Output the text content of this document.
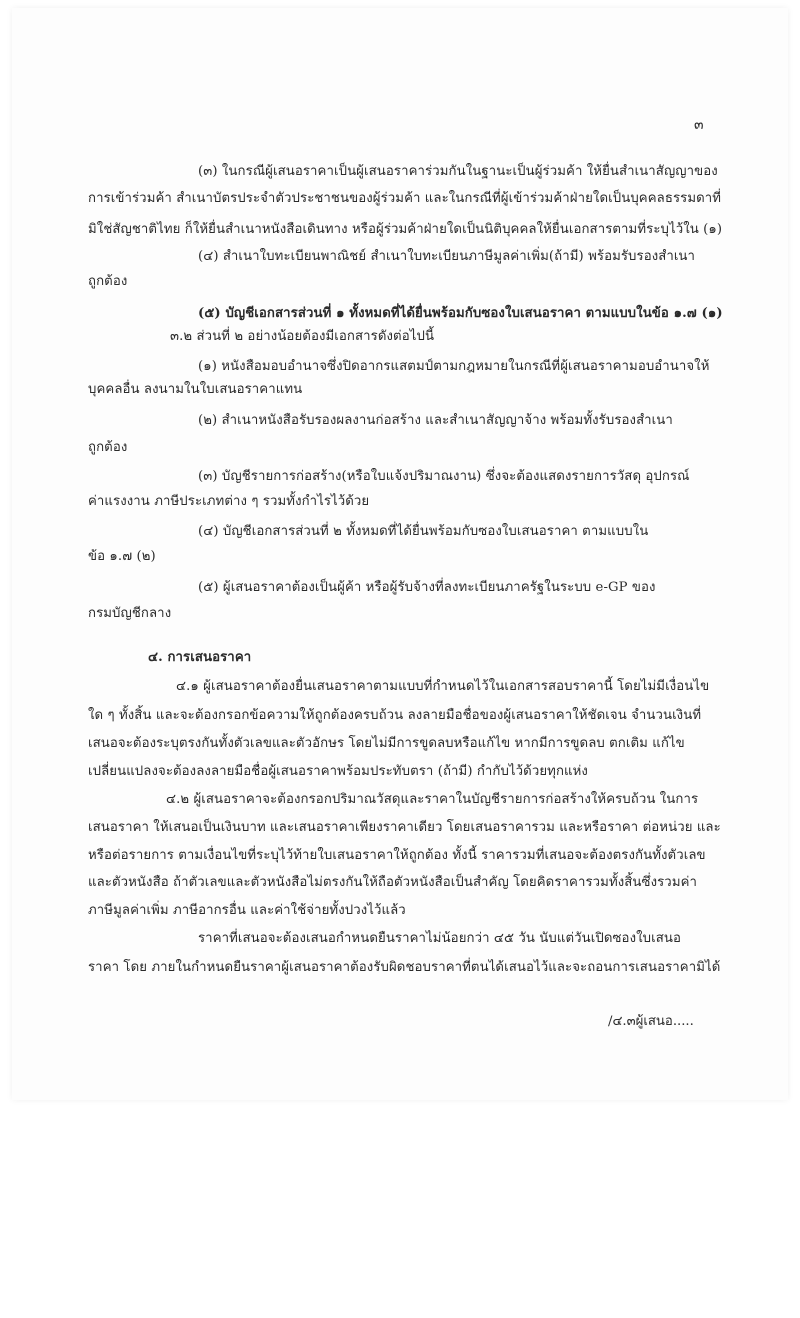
๓
(๓) ในกรณีผู้เสนอราคาเป็นผู้เสนอราคาร่วมกันในฐานะเป็นผู้ร่วมค้า ให้ยื่นสำเนาสัญญาของ
การเข้าร่วมค้า สำเนาบัตรประจำตัวประชาชนของผู้ร่วมค้า และในกรณีที่ผู้เข้าร่วมค้าฝ่ายใดเป็นบุคคลธรรมดาที่
มิใช่สัญชาติไทย ก็ให้ยื่นสำเนาหนังสือเดินทาง หรือผู้ร่วมค้าฝ่ายใดเป็นนิติบุคคลให้ยื่นเอกสารตามที่ระบุไว้ใน (๑)
(๔) สำเนาใบทะเบียนพาณิชย์ สำเนาใบทะเบียนภาษีมูลค่าเพิ่ม(ถ้ามี) พร้อมรับรองสำเนา
ถูกต้อง
(๕) บัญชีเอกสารส่วนที่ ๑ ทั้งหมดที่ได้ยื่นพร้อมกับซองใบเสนอราคา ตามแบบในข้อ ๑.๗ (๑)
๓.๒ ส่วนที่ ๒ อย่างน้อยต้องมีเอกสารดังต่อไปนี้
(๑) หนังสือมอบอำนาจซึ่งปิดอากรแสตมป์ตามกฎหมายในกรณีที่ผู้เสนอราคามอบอำนาจให้
บุคคลอื่น ลงนามในใบเสนอราคาแทน
(๒) สำเนาหนังสือรับรองผลงานก่อสร้าง และสำเนาสัญญาจ้าง พร้อมทั้งรับรองสำเนา
ถูกต้อง
(๓) บัญชีรายการก่อสร้าง(หรือใบแจ้งปริมาณงาน) ซึ่งจะต้องแสดงรายการวัสดุ อุปกรณ์
ค่าแรงงาน ภาษีประเภทต่าง ๆ รวมทั้งกำไรไว้ด้วย
(๔) บัญชีเอกสารส่วนที่ ๒ ทั้งหมดที่ได้ยื่นพร้อมกับซองใบเสนอราคา ตามแบบใน
ข้อ ๑.๗ (๒)
(๕) ผู้เสนอราคาต้องเป็นผู้ค้า หรือผู้รับจ้างที่ลงทะเบียนภาครัฐในระบบ e-GP ของ
กรมบัญชีกลาง
๔. การเสนอราคา
๔.๑ ผู้เสนอราคาต้องยื่นเสนอราคาตามแบบที่กำหนดไว้ในเอกสารสอบราคานี้ โดยไม่มีเงื่อนไข
ใด ๆ ทั้งสิ้น และจะต้องกรอกข้อความให้ถูกต้องครบถ้วน ลงลายมือชื่อของผู้เสนอราคาให้ชัดเจน จำนวนเงินที่
เสนอจะต้องระบุตรงกันทั้งตัวเลขและตัวอักษร โดยไม่มีการขูดลบหรือแก้ไข หากมีการขูดลบ ตกเติม แก้ไข
เปลี่ยนแปลงจะต้องลงลายมือชื่อผู้เสนอราคาพร้อมประทับตรา (ถ้ามี) กำกับไว้ด้วยทุกแห่ง
๔.๒ ผู้เสนอราคาจะต้องกรอกปริมาณวัสดุและราคาในบัญชีรายการก่อสร้างให้ครบถ้วน ในการ
เสนอราคา ให้เสนอเป็นเงินบาท และเสนอราคาเพียงราคาเดียว โดยเสนอราคารวม และหรือราคา ต่อหน่วย และ
หรือต่อรายการ ตามเงื่อนไขที่ระบุไว้ท้ายใบเสนอราคาให้ถูกต้อง ทั้งนี้ ราคารวมที่เสนอจะต้องตรงกันทั้งตัวเลข
และตัวหนังสือ ถ้าตัวเลขและตัวหนังสือไม่ตรงกันให้ถือตัวหนังสือเป็นสำคัญ โดยคิดราคารวมทั้งสิ้นซึ่งรวมค่า
ภาษีมูลค่าเพิ่ม ภาษีอากรอื่น และค่าใช้จ่ายทั้งปวงไว้แล้ว
ราคาที่เสนอจะต้องเสนอกำหนดยืนราคาไม่น้อยกว่า ๔๕ วัน นับแต่วันเปิดซองใบเสนอ
ราคา โดย ภายในกำหนดยืนราคาผู้เสนอราคาต้องรับผิดชอบราคาที่ตนได้เสนอไว้และจะถอนการเสนอราคามิได้
/๔.๓ผู้เสนอ.....
